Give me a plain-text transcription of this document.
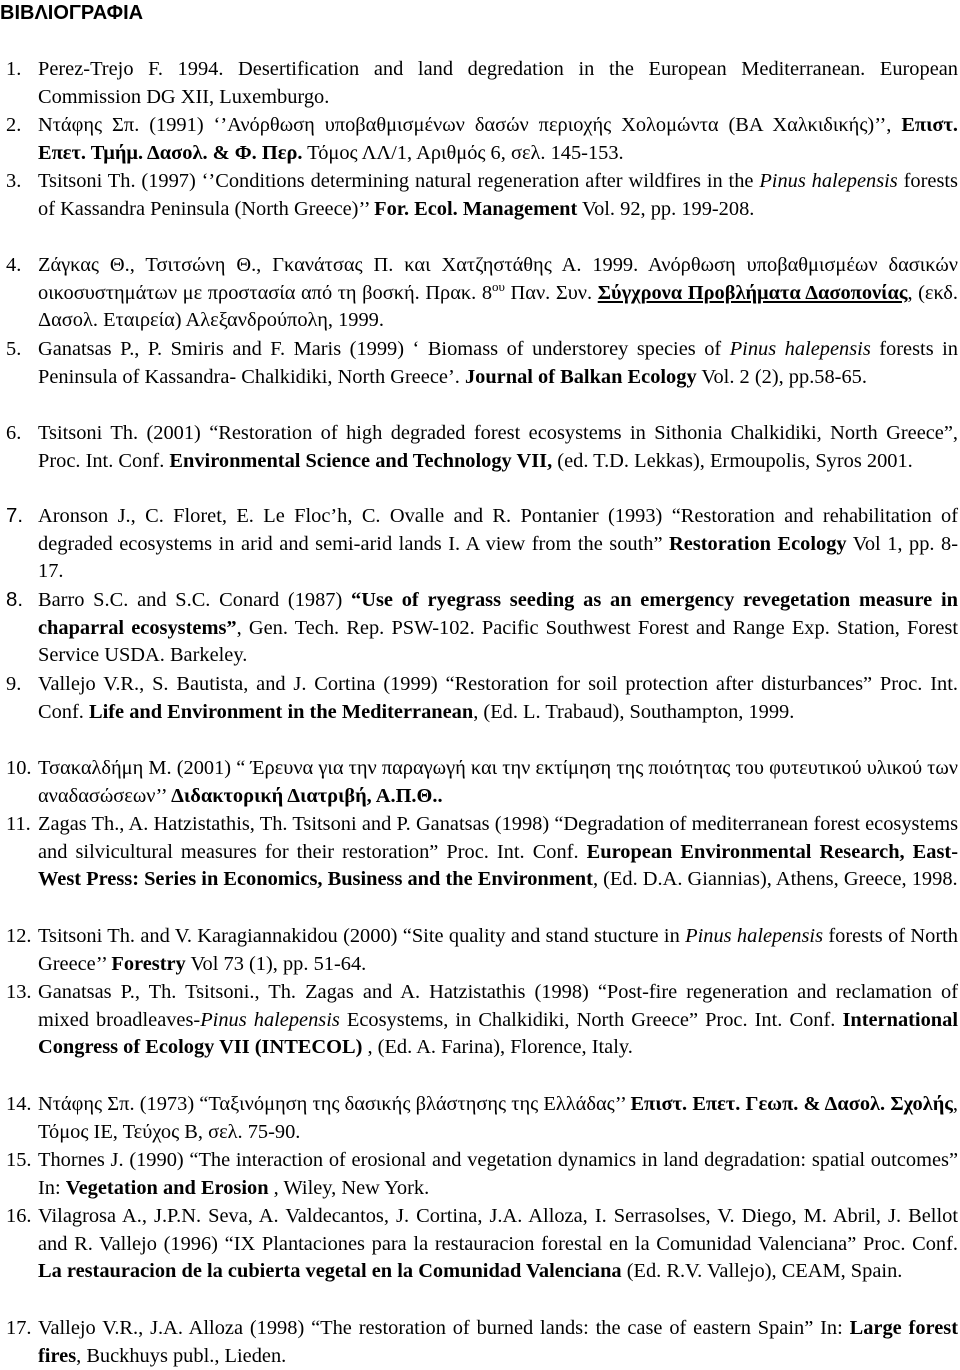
ΒΙΒΛΙΟΓΡΑΦΙΑ
1. Perez-Trejo F. 1994. Desertification and land degredation in the European Mediterranean. European Commission DG XII, Luxemburgo.
2. Ντάφης Σπ. (1991) ‘’Ανόρθωση υποβαθμισμένων δασών περιοχής Χολομώντα (ΒΑ Χαλκιδικής)’’, Επιστ. Επετ. Τμήμ. Δασολ. & Φ. Περ. Τόμος ΛΛ/1, Αριθμός 6, σελ. 145-153.
3. Tsitsoni Th. (1997) ‘’Conditions determining natural regeneration after wildfires in the Pinus halepensis forests of Kassandra Peninsula (North Greece)’’ For. Ecol. Management Vol. 92, pp. 199-208.
4. Ζάγκας Θ., Τσιτσώνη Θ., Γκανάτσας Π. και Χατζηστάθης Α. 1999. Ανόρθωση υποβαθμισμέων δασικών οικοσυστημάτων με προστασία από τη βοσκή. Πρακ. $8^{o\upsilon}$ Παν. Συν. Σύγχρονα Προβλήματα Δασοπονίας, (εκδ. Δασολ. Εταιρεία) Αλεξανδρούπολη, 1999.
5. Ganatsas P., P. Smiris and F. Maris (1999) ‘ Biomass of understorey species of Pinus halepensis forests in Peninsula of Kassandra- Chalkidiki, North Greece’. Journal of Balkan Ecology Vol. 2 (2), pp.58-65.
6. Tsitsoni Th. (2001) “Restoration of high degraded forest ecosystems in Sithonia Chalkidiki, North Greece”, Proc. Int. Conf. Environmental Science and Technology VII, (ed. T.D. Lekkas), Ermoupolis, Syros 2001.
7. Aronson J., C. Floret, E. Le Floc’h, C. Ovalle and R. Pontanier (1993) “Restoration and rehabilitation of degraded ecosystems in arid and semi-arid lands I. A view from the south” Restoration Ecology Vol 1, pp. 8-17.
8. Barro S.C. and S.C. Conard (1987) “Use of ryegrass seeding as an emergency revegetation measure in chaparral ecosystems”, Gen. Tech. Rep. PSW-102. Pacific Southwest Forest and Range Exp. Station, Forest Service USDA. Barkeley.
9. Vallejo V.R., S. Bautista, and J. Cortina (1999) “Restoration for soil protection after disturbances” Proc. Int. Conf. Life and Environment in the Mediterranean, (Ed. L. Trabaud), Southampton, 1999.
10. Τσακαλδήμη Μ. (2001) “ Έρευνα για την παραγωγή και την εκτίμηση της ποιότητας του φυτευτικού υλικού των αναδασώσεων’’ Διδακτορική Διατριβή, Α.Π.Θ..
11. Zagas Th., A. Hatzistathis, Th. Tsitsoni and P. Ganatsas (1998) “Degradation of mediterranean forest ecosystems and silvicultural measures for their restoration” Proc. Int. Conf. European Environmental Research, East-West Press: Series in Economics, Business and the Environment, (Ed. D.A. Giannias), Athens, Greece, 1998.
12. Tsitsoni Th. and V. Karagiannakidou (2000) “Site quality and stand stucture in Pinus halepensis forests of North Greece’’ Forestry Vol 73 (1), pp. 51-64.
13. Ganatsas P., Th. Tsitsoni., Th. Zagas and A. Hatzistathis (1998) “Post-fire regeneration and reclamation of mixed broadleaves-Pinus halepensis Ecosystems, in Chalkidiki, North Greece” Proc. Int. Conf. International Congress of Ecology VII (INTECOL) , (Ed. A. Farina), Florence, Italy.
14. Ντάφης Σπ. (1973) “Ταξινόμηση της δασικής βλάστησης της Ελλάδας’’ Επιστ. Επετ. Γεωπ. & Δασολ. Σχολής, Τόμος ΙΕ, Τεύχος Β, σελ. 75-90.
15. Thornes J. (1990) “The interaction of erosional and vegetation dynamics in land degradation: spatial outcomes” In: Vegetation and Erosion , Wiley, New York.
16. Vilagrosa A., J.P.N. Seva, A. Valdecantos, J. Cortina, J.A. Alloza, I. Serrasolses, V. Diego, M. Abril, J. Bellot and R. Vallejo (1996) “IX Plantaciones para la restauracion forestal en la Comunidad Valenciana” Proc. Conf. La restauracion de la cubierta vegetal en la Comunidad Valenciana (Ed. R.V. Vallejo), CEAM, Spain.
17. Vallejo V.R., J.A. Alloza (1998) “The restoration of burned lands: the case of eastern Spain” In: Large forest fires, Buckhuys publ., Lieden.
